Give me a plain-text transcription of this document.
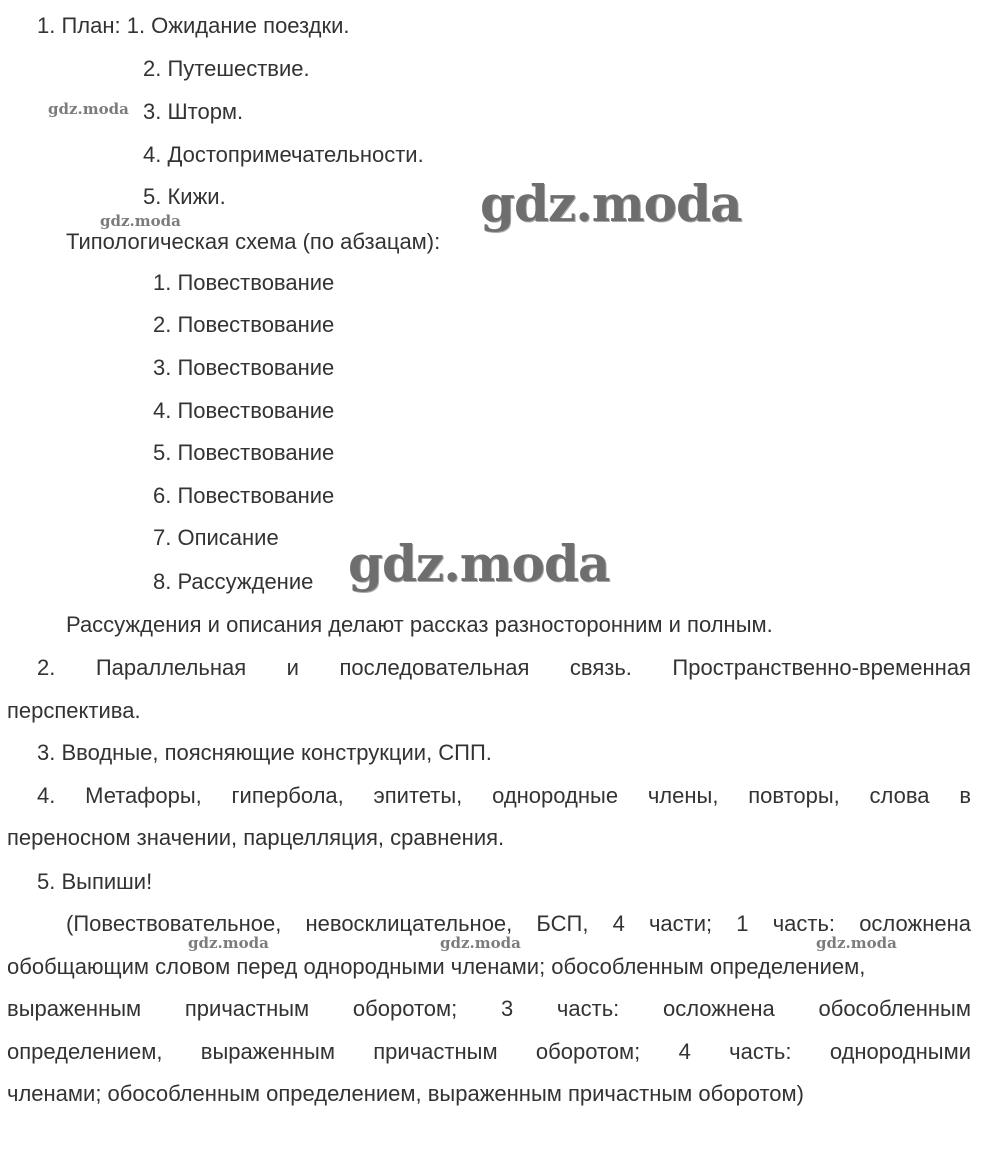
1. План: 1. Ожидание поездки.
2. Путешествие.
3. Шторм.
4. Достопримечательности.
5. Кижи.
Типологическая схема (по абзацам):
1. Повествование
2. Повествование
3. Повествование
4. Повествование
5. Повествование
6. Повествование
7. Описание
8. Рассуждение
Рассуждения и описания делают рассказ разносторонним и полным.
2. Параллельная и последовательная связь. Пространственно-временная
перспектива.
3. Вводные, поясняющие конструкции, СПП.
4. Метафоры, гипербола, эпитеты, однородные члены, повторы, слова в
переносном значении, парцелляция, сравнения.
5. Выпиши!
(Повествовательное, невосклицательное, БСП, 4 части; 1 часть: осложнена
обобщающим словом перед однородными членами; обособленным определением,
выраженным причастным оборотом; 3 часть: осложнена обособленным
определением, выраженным причастным оборотом; 4 часть: однородными
членами; обособленным определением, выраженным причастным оборотом)
gdz.moda
gdz.moda
gdz.moda
gdz.moda
gdz.moda	gdz.moda	gdz.moda
